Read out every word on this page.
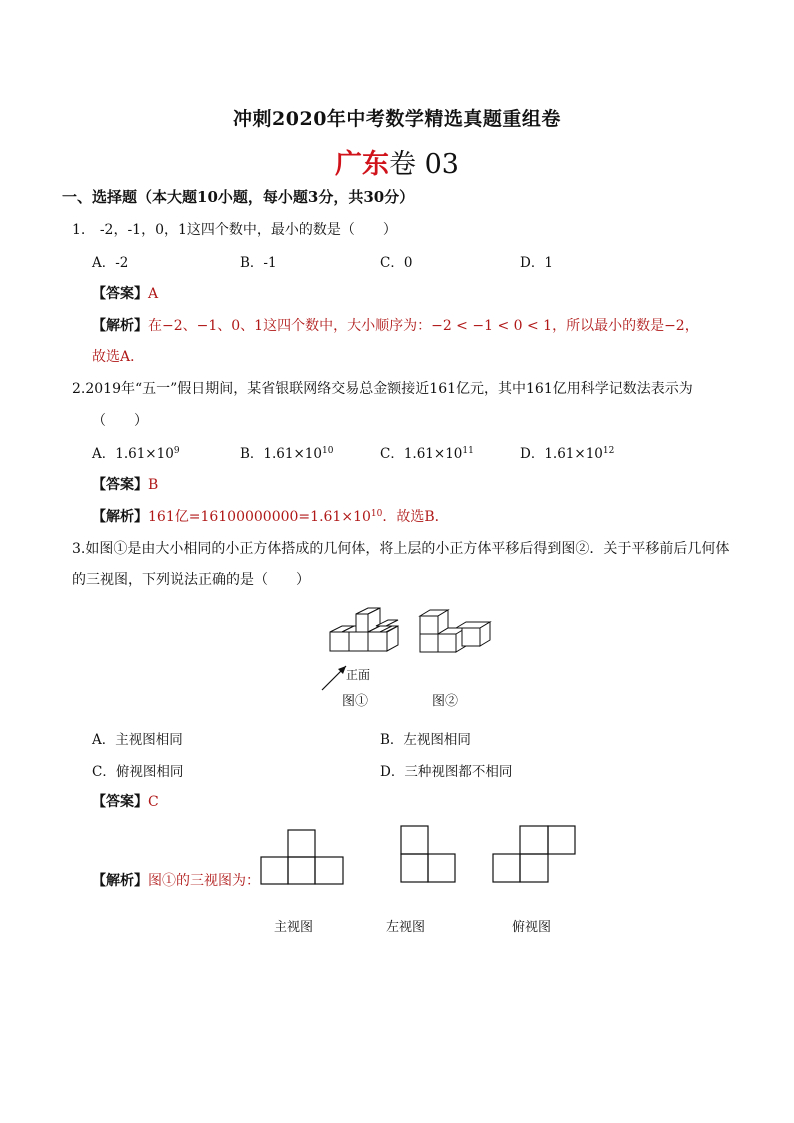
冲刺2020年中考数学精选真题重组卷
广东卷 03
一、选择题（本大题10小题，每小题3分，共30分）
1. -2，-1，0，1这四个数中，最小的数是（　　）
A．-2	B．-1	C．0	D．1
【答案】A
【解析】在−2、−1、0、1这四个数中，大小顺序为：−2 < −1 < 0 < 1，所以最小的数是−2，
故选A．
2.2019年“五一”假日期间，某省银联网络交易总金额接近161亿元，其中161亿用科学记数法表示为
（　　）
A．$1.61\times 10^9$	B．$1.61\times 10^{10}$	C．$1.61\times 10^{11}$	D．$1.61\times 10^{12}$
【答案】B
【解析】161亿$=16100000000=1.61\times 10^{10}$．故选B．
3.如图①是由大小相同的小正方体搭成的几何体，将上层的小正方体平移后得到图②．关于平移前后几何体
的三视图，下列说法正确的是（　　）
正面
图①	图②
A．主视图相同	B．左视图相同
C．俯视图相同	D．三种视图都不相同
【答案】C
【解析】图①的三视图为：
主视图	左视图	俯视图
